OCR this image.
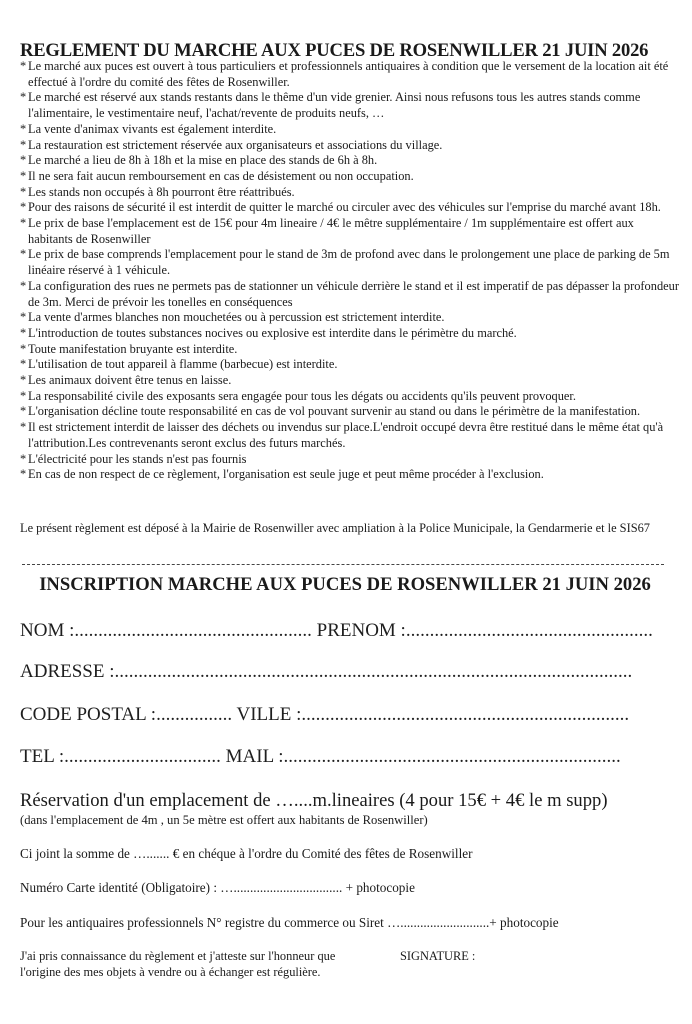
REGLEMENT DU MARCHE AUX PUCES DE ROSENWILLER 21 JUIN 2026
* Le marché aux puces est ouvert à tous particuliers et professionnels antiquaires à condition que le versement de la location ait été effectué à l'ordre du comité des fêtes de Rosenwiller.
* Le marché est réservé aux stands restants dans le thême d'un vide grenier. Ainsi nous refusons tous les autres stands comme l'alimentaire, le vestimentaire neuf, l'achat/revente de produits neufs, …
* La vente d'animax vivants est également interdite.
* La restauration est strictement réservée aux organisateurs et associations du village.
* Le marché a lieu de 8h à 18h et la mise en place des stands de 6h à 8h.
* Il ne sera fait aucun remboursement en cas de désistement ou non occupation.
* Les stands non occupés à 8h pourront être réattribués.
* Pour des raisons de sécurité il est interdit de quitter le marché ou circuler avec des véhicules sur l'emprise du marché avant 18h.
* Le prix de base l'emplacement est de 15€ pour 4m lineaire / 4€ le mêtre supplémentaire / 1m supplémentaire est offert aux habitants de Rosenwiller
* Le prix de base comprends l'emplacement pour le stand de 3m de profond avec dans le prolongement une place de parking de 5m linéaire réservé à 1 véhicule.
* La configuration des rues ne permets pas de stationner un véhicule derrière le stand et il est imperatif de pas dépasser la profondeur de 3m. Merci de prévoir les tonelles en conséquences
* La vente d'armes blanches non mouchetées ou à percussion est strictement interdite.
* L'introduction de toutes substances nocives ou explosive est interdite dans le périmètre du marché.
* Toute manifestation bruyante est interdite.
* L'utilisation de tout appareil à flamme (barbecue) est interdite.
* Les animaux doivent être tenus en laisse.
* La responsabilité civile des exposants sera engagée pour tous les dégats ou accidents qu'ils peuvent provoquer.
* L'organisation décline toute responsabilité en cas de vol pouvant survenir au stand ou dans le périmètre de la manifestation.
* Il est strictement interdit de laisser des déchets ou invendus sur place.L'endroit occupé devra être restitué dans le même état qu'à l'attribution.Les contrevenants seront exclus des futurs marchés.
* L'électricité pour les stands n'est pas fournis
* En cas de non respect de ce règlement, l'organisation est seule juge et peut même procéder à l'exclusion.
Le présent règlement est déposé à la Mairie de Rosenwiller avec ampliation à la Police Municipale, la Gendarmerie et le SIS67
INSCRIPTION MARCHE AUX PUCES DE ROSENWILLER 21 JUIN 2026
NOM :.................................................. PRENOM :....................................................
ADRESSE :.............................................................................................................
CODE POSTAL :................ VILLE :.....................................................................
TEL :................................. MAIL :.......................................................................
Réservation d'un emplacement de …....m.lineaires (4 pour 15€ + 4€ le m supp)
(dans l'emplacement de 4m , un 5e mètre est offert aux habitants de Rosenwiller)
Ci joint la somme de …....... € en chéque à l'ordre du Comité des fêtes de Rosenwiller
Numéro Carte identité (Obligatoire) : …................................. + photocopie
Pour les antiquaires professionnels N° registre du commerce ou Siret …...........................+ photocopie
J'ai pris connaissance du règlement et j'atteste sur l'honneur que l'origine des mes objets à vendre ou à échanger est régulière.
SIGNATURE :
